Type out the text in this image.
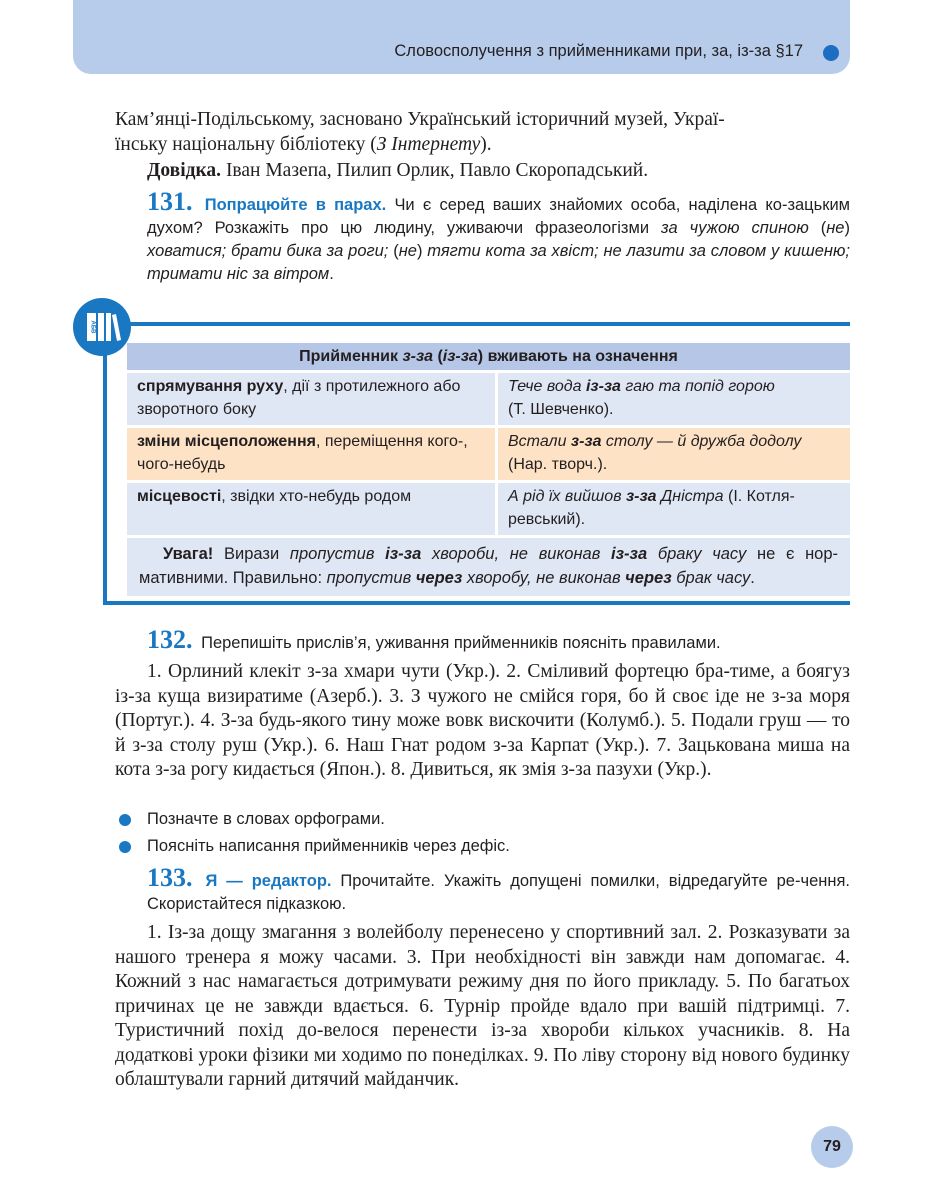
Словосполучення з прийменниками при, за, із-за §17
Кам’янці-Подільському, засновано Український історичний музей, Украї-
їнську національну бібліотеку (З Інтернету).
Довідка. Іван Мазепа, Пилип Орлик, Павло Скоропадський.
131. Попрацюйте в парах. Чи є серед ваших знайомих особа, наділена ко-зацьким духом? Розкажіть про цю людину, уживаючи фразеологізми за чужою спиною (не) ховатися; брати бика за роги; (не) тягти кота за хвіст; не лазити за словом у кишеню; тримати ніс за вітром.
АБВ
Прийменник з-за (із-за) вживають на означення	
спрямування руху, дії з протилежного або зворотного боку	Тече вода із-за гаю та попід горою
(Т. Шевченко).
зміни місцеположення, переміщення кого-, чого-небудь	Встали з-за столу — й дружба додолу
(Нар. творч.).
місцевості, звідки хто-небудь родом	А рід їх вийшов з-за Дністра (І. Котля-ревський).
Увага! Вирази пропустив із-за хвороби, не виконав із-за браку часу не є нор-мативними. Правильно: пропустив через хворобу, не виконав через брак часу.
132. Перепишіть прислів’я, уживання прийменників поясніть правилами.
1. Орлиний клекіт з-за хмари чути (Укр.). 2. Сміливий фортецю бра-тиме, а боягуз із-за куща визиратиме (Азерб.). 3. З чужого не смійся горя, бо й своє іде не з-за моря (Португ.). 4. З-за будь-якого тину може вовк вискочити (Колумб.). 5. Подали груш — то й з-за столу руш (Укр.). 6. Наш Гнат родом з-за Карпат (Укр.). 7. Зацькована миша на кота з-за рогу кидається (Япон.). 8. Дивиться, як змія з-за пазухи (Укр.).
Позначте в словах орфограми.
Поясніть написання прийменників через дефіс.
133. Я — редактор. Прочитайте. Укажіть допущені помилки, відредагуйте ре-чення. Скористайтеся підказкою.
1. Із-за дощу змагання з волейболу перенесено у спортивний зал. 2. Розказувати за нашого тренера я можу часами. 3. При необхідності він завжди нам допомагає. 4. Кожний з нас намагається дотримувати режиму дня по його прикладу. 5. По багатьох причинах це не завжди вдається. 6. Турнір пройде вдало при вашій підтримці. 7. Туристичний похід до-велося перенести із-за хвороби кількох учасників. 8. На додаткові уроки фізики ми ходимо по понеділках. 9. По ліву сторону від нового будинку облаштували гарний дитячий майданчик.
79
